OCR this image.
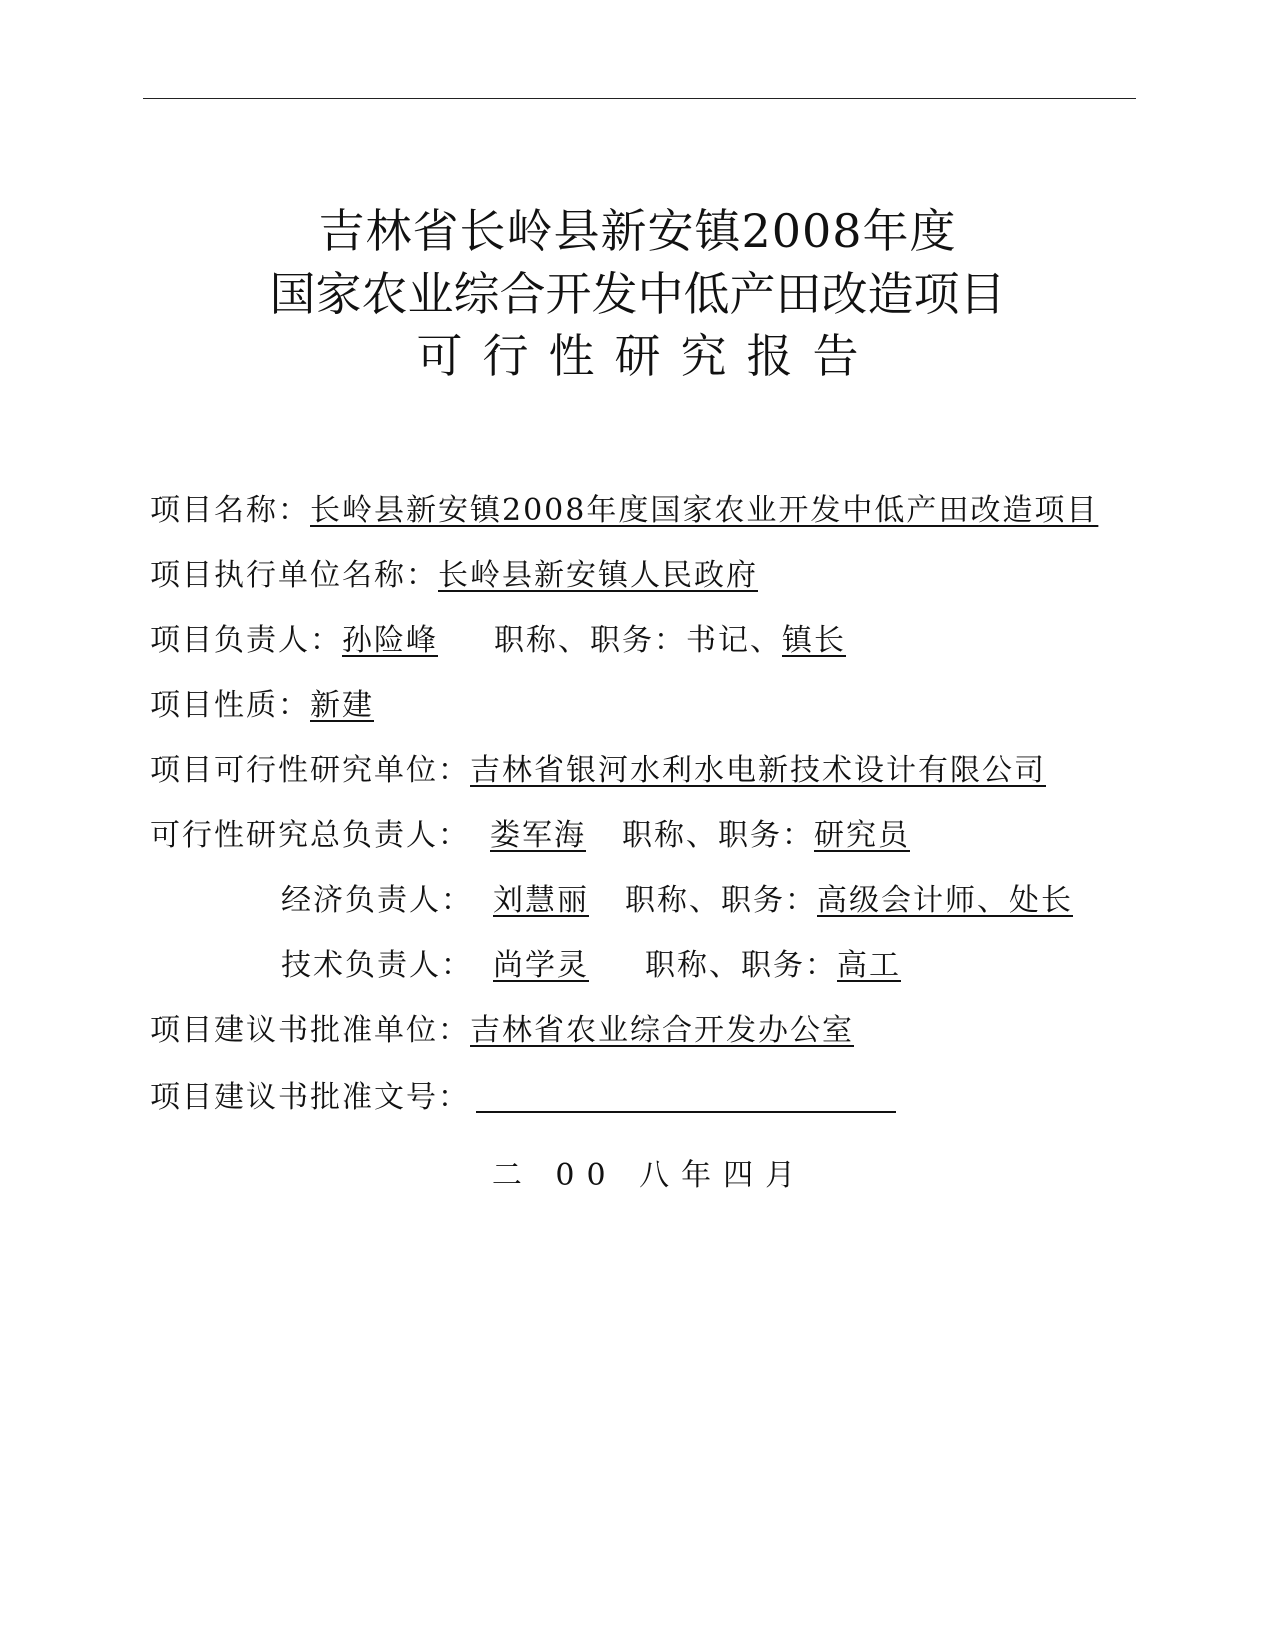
吉林省长岭县新安镇2008年度
国家农业综合开发中低产田改造项目
可行性研究报告
项目名称：长岭县新安镇2008年度国家农业开发中低产田改造项目
项目执行单位名称：长岭县新安镇人民政府
项目负责人：孙险峰 职称、职务：书记、镇长
项目性质：新建
项目可行性研究单位：吉林省银河水利水电新技术设计有限公司
可行性研究总负责人： 娄军海 职称、职务：研究员
经济负责人： 刘慧丽 职称、职务：高级会计师、处长
技术负责人： 尚学灵 职称、职务：高工
项目建议书批准单位：吉林省农业综合开发办公室
项目建议书批准文号：
二 00 八年四月
